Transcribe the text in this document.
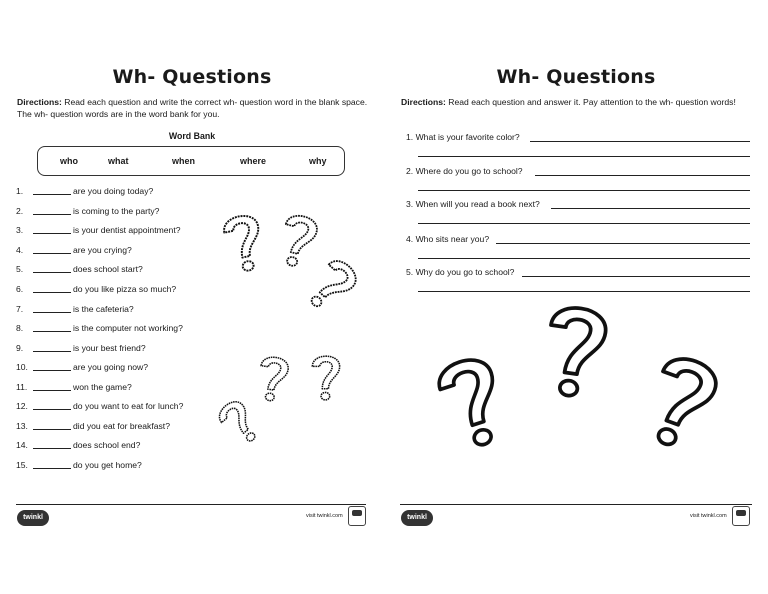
Wh- Questions
Directions: Read each question and write the correct wh- question word in the blank space. The wh- question words are in the word bank for you.
Word Bank
who	what	when	where	why
1.	are you doing today?
2.	is coming to the party?
3.	is your dentist appointment?
4.	are you crying?
5.	does school start?
6.	do you like pizza so much?
7.	is the cafeteria?
8.	is the computer not working?
9.	is your best friend?
10.	are you going now?
11.	won the game?
12.	do you want to eat for lunch?
13.	did you eat for breakfast?
14.	does school end?
15.	do you get home?
Wh- Questions
Directions: Read each question and answer it. Pay attention to the wh- question words!
1. What is your favorite color?
2. Where do you go to school?
3. When will you read a book next?
4. Who sits near you?
5. Why do you go to school?
twinkl	visit twinkl.com	twinkl	visit twinkl.com
